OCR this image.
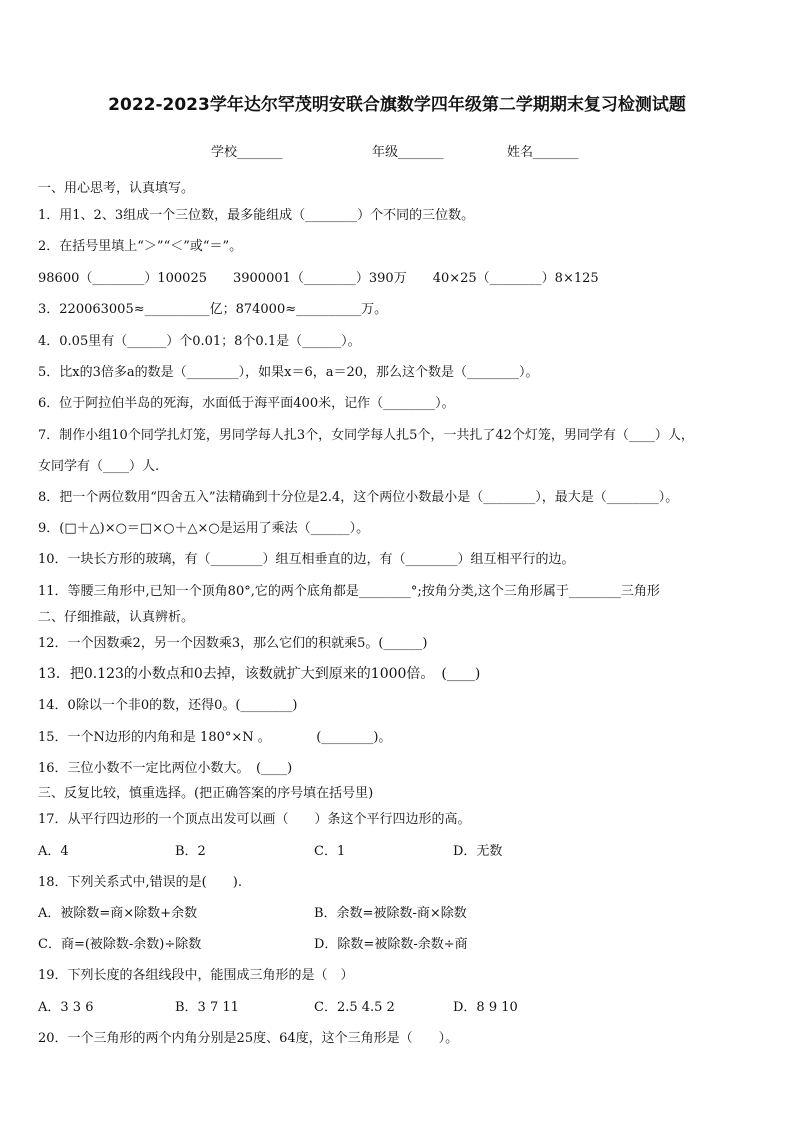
2022-2023学年达尔罕茂明安联合旗数学四年级第二学期期末复习检测试题
学校_______	年级_______	姓名_______
一、用心思考，认真填写。
1．用1、2、3组成一个三位数，最多能组成（________）个不同的三位数。
2．在括号里填上“＞”“＜”或“＝”。
98600（________）100025　　3900001（________）390万　　40×25（________）8×125
3．220063005≈__________亿；874000≈__________万。
4．0.05里有（______）个0.01；8个0.1是（______）。
5．比x的3倍多a的数是（________），如果x＝6，a＝20，那么这个数是（________）。
6．位于阿拉伯半岛的死海，水面低于海平面400米，记作（________）。
7．制作小组10个同学扎灯笼，男同学每人扎3个，女同学每人扎5个，一共扎了42个灯笼，男同学有（____）人，
女同学有（____）人.
8．把一个两位数用“四舍五入”法精确到十分位是2.4，这个两位小数最小是（________），最大是（________）。
9．(□＋△)×○＝□×○＋△×○是运用了乘法（______）。
10．一块长方形的玻璃，有（________）组互相垂直的边，有（________）组互相平行的边。
11．等腰三角形中,已知一个顶角80°,它的两个底角都是________°;按角分类,这个三角形属于________三角形
二、仔细推敲，认真辨析。
12．一个因数乘2，另一个因数乘3，那么它们的积就乘5。(______)
13．把0.123的小数点和0去掉，该数就扩大到原来的1000倍。　(____)
14．0除以一个非0的数，还得0。(________)
15．一个N边形的内角和是 180°×N 。　　　　(________)。
16．三位小数不一定比两位小数大。　(____)
三、反复比较，慎重选择。(把正确答案的序号填在括号里)
17．从平行四边形的一个顶点出发可以画（　　）条这个平行四边形的高。
A．4	B．2	C．1	D．无数
18．下列关系式中,错误的是(　　).
A．被除数=商×除数+余数	B．余数=被除数-商×除数
C．商=(被除数-余数)÷除数	D．除数=被除数-余数÷商
19．下列长度的各组线段中，能围成三角形的是（　）
A．3 3 6	B．3 7 11	C．2.5 4.5 2	D．8 9 10
20．一个三角形的两个内角分别是25度、64度，这个三角形是（　　）。
